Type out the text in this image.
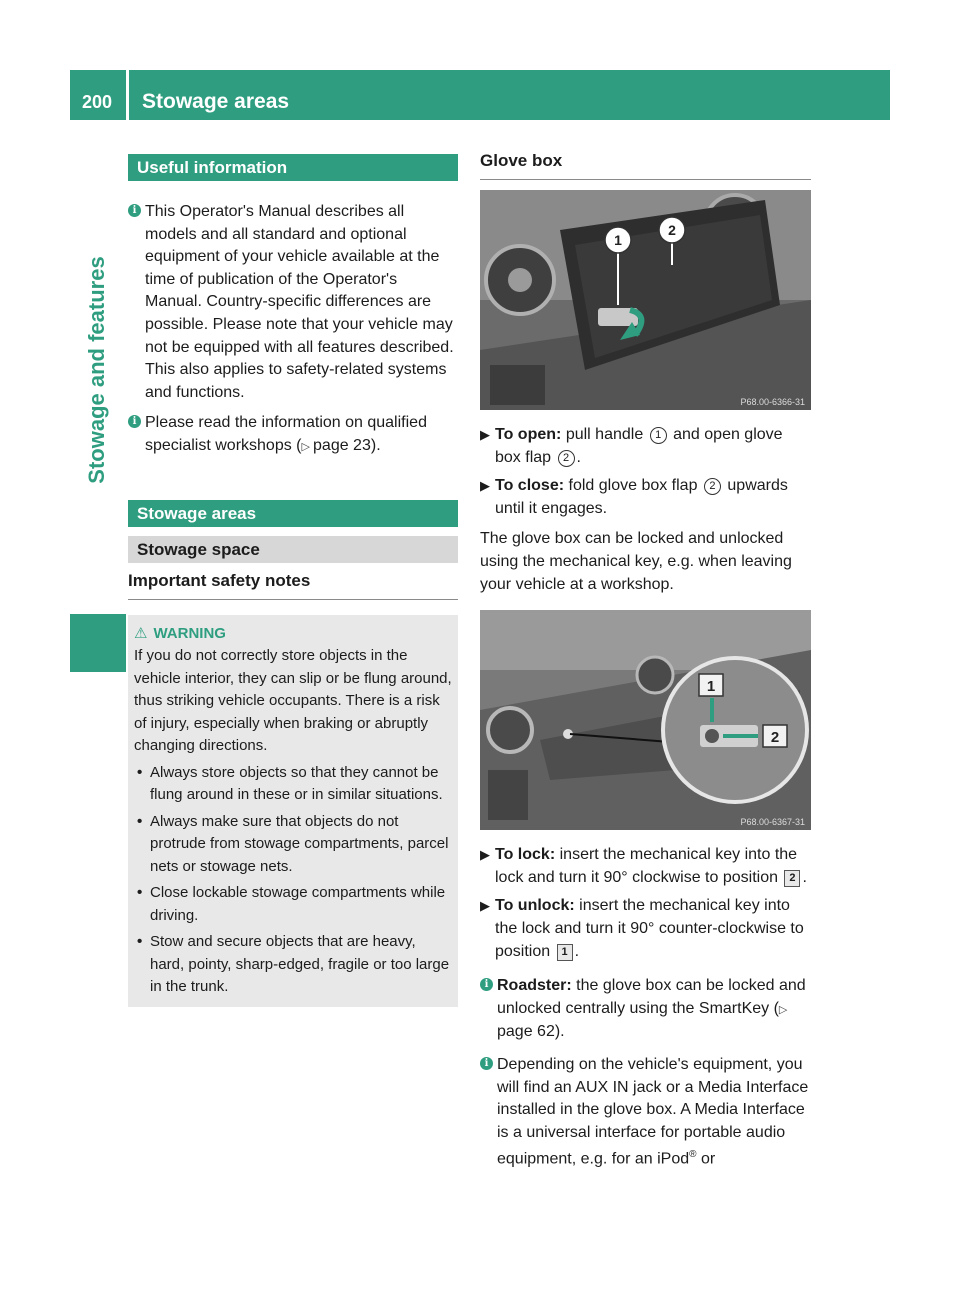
200	Stowage areas
Stowage and features
Useful information
i This Operator's Manual describes all models and all standard and optional equipment of your vehicle available at the time of publication of the Operator's Manual. Country-specific differences are possible. Please note that your vehicle may not be equipped with all features described. This also applies to safety-related systems and functions.
i Please read the information on qualified specialist workshops (▷ page 23).
Stowage areas
Stowage space
Important safety notes
⚠ WARNING
If you do not correctly store objects in the vehicle interior, they can slip or be flung around, thus striking vehicle occupants. There is a risk of injury, especially when braking or abruptly changing directions.
• Always store objects so that they cannot be flung around in these or in similar situations.
• Always make sure that objects do not protrude from stowage compartments, parcel nets or stowage nets.
• Close lockable stowage compartments while driving.
• Stow and secure objects that are heavy, hard, pointy, sharp-edged, fragile or too large in the trunk.
Glove box
1
2
P68.00-6366-31
▶ To open: pull handle 1 and open glove box flap 2 .
▶ To close: fold glove box flap 2 upwards until it engages.
The glove box can be locked and unlocked using the mechanical key, e.g. when leaving your vehicle at a workshop.
1
2
P68.00-6367-31
▶ To lock: insert the mechanical key into the lock and turn it 90° clockwise to position 2 .
▶ To unlock: insert the mechanical key into the lock and turn it 90° counter-clockwise to position 1 .
i Roadster: the glove box can be locked and unlocked centrally using the SmartKey (▷ page 62).
i Depending on the vehicle's equipment, you will find an AUX IN jack or a Media Interface installed in the glove box. A Media Interface is a universal interface for portable audio equipment, e.g. for an iPod® or
